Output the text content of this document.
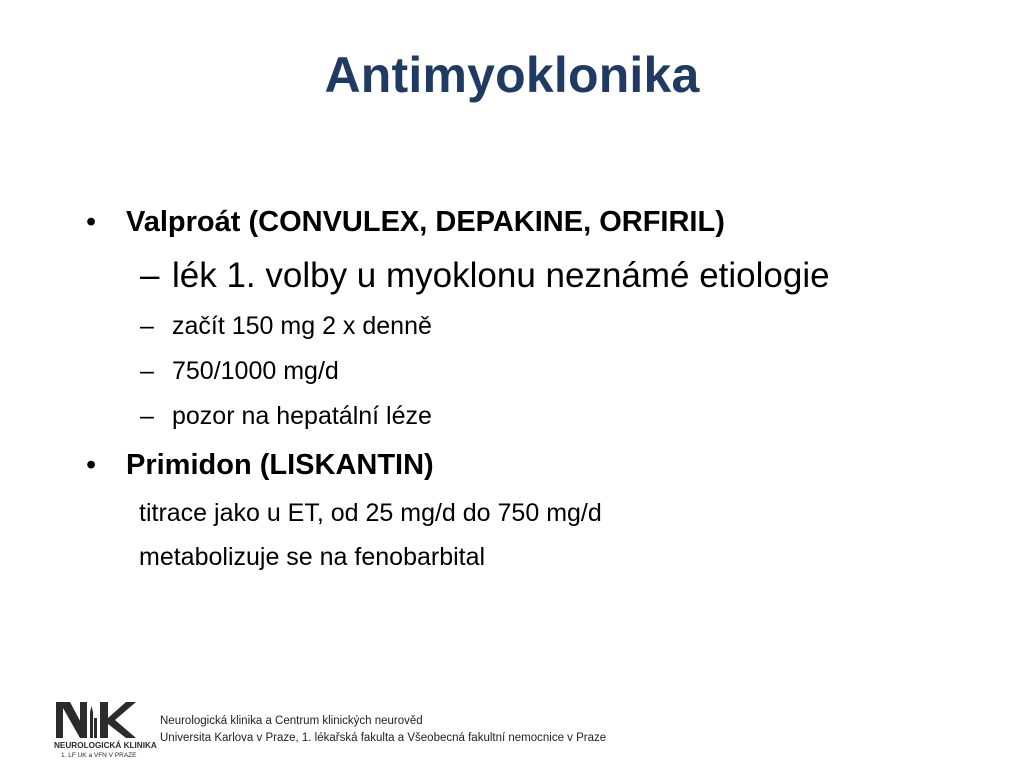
Antimyoklonika
• Valproát (CONVULEX, DEPAKINE, ORFIRIL)
– lék 1. volby u myoklonu neznámé etiologie
– začít 150 mg 2 x denně
– 750/1000 mg/d
– pozor na hepatální léze
• Primidon (LISKANTIN)
titrace jako u ET, od 25 mg/d do 750 mg/d
metabolizuje se na fenobarbital
NEUROLOGICKÁ KLINIKA
1. LF UK a VFN V PRAZE
Neurologická klinika a Centrum klinických neurověd
Universita Karlova v Praze, 1. lékařská fakulta a Všeobecná fakultní nemocnice v Praze
